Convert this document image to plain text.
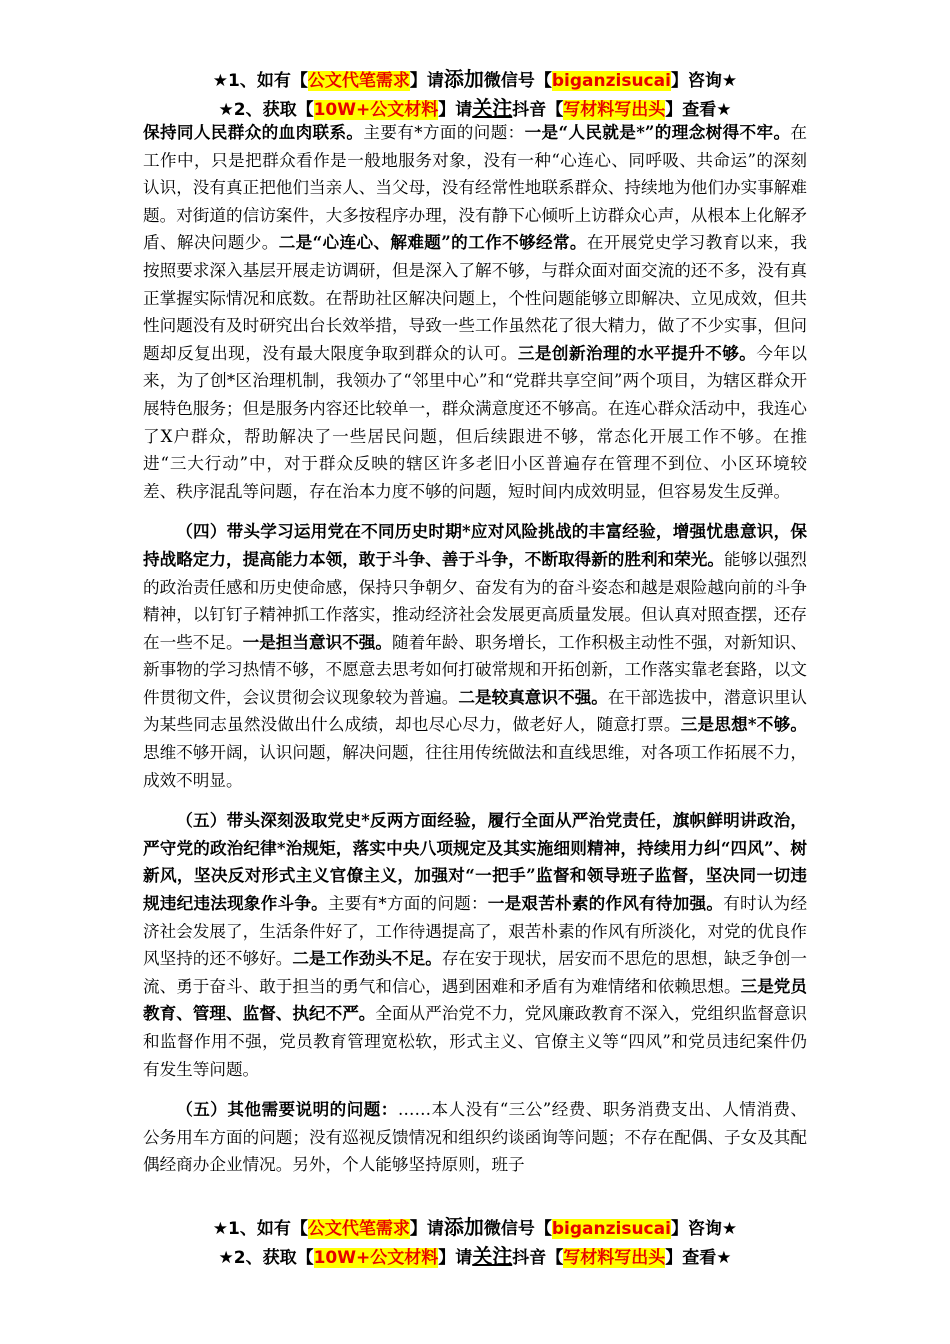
★1、如有【公文代笔需求】请添加微信号【biganzisucai】咨询★
★2、获取【10W+公文材料】请关注抖音【写材料写出头】查看★

保持同人民群众的血肉联系。主要有*方面的问题：一是“人民就是*”的理念树得不牢。在工作中，只是把群众看作是一般地服务对象，没有一种“心连心、同呼吸、共命运”的深刻认识，没有真正把他们当亲人、当父母，没有经常性地联系群众、持续地为他们办实事解难题。对街道的信访案件，大多按程序办理，没有静下心倾听上访群众心声，从根本上化解矛盾、解决问题少。二是“心连心、解难题”的工作不够经常。在开展党史学习教育以来，我按照要求深入基层开展走访调研，但是深入了解不够，与群众面对面交流的还不多，没有真正掌握实际情况和底数。在帮助社区解决问题上，个性问题能够立即解决、立见成效，但共性问题没有及时研究出台长效举措，导致一些工作虽然花了很大精力，做了不少实事，但问题却反复出现，没有最大限度争取到群众的认可。三是创新治理的水平提升不够。今年以来，为了创*区治理机制，我领办了“邻里中心”和“党群共享空间”两个项目，为辖区群众开展特色服务；但是服务内容还比较单一，群众满意度还不够高。在连心群众活动中，我连心了X户群众，帮助解决了一些居民问题，但后续跟进不够，常态化开展工作不够。在推进“三大行动”中，对于群众反映的辖区许多老旧小区普遍存在管理不到位、小区环境较差、秩序混乱等问题，存在治本力度不够的问题，短时间内成效明显，但容易发生反弹。

（四）带头学习运用党在不同历史时期*应对风险挑战的丰富经验，增强忧患意识，保持战略定力，提高能力本领，敢于斗争、善于斗争，不断取得新的胜利和荣光。能够以强烈的政治责任感和历史使命感，保持只争朝夕、奋发有为的奋斗姿态和越是艰险越向前的斗争精神，以钉钉子精神抓工作落实，推动经济社会发展更高质量发展。但认真对照查摆，还存在一些不足。一是担当意识不强。随着年龄、职务增长，工作积极主动性不强，对新知识、新事物的学习热情不够，不愿意去思考如何打破常规和开拓创新，工作落实靠老套路，以文件贯彻文件，会议贯彻会议现象较为普遍。二是较真意识不强。在干部选拔中，潜意识里认为某些同志虽然没做出什么成绩，却也尽心尽力，做老好人，随意打票。三是思想*不够。思维不够开阔，认识问题，解决问题，往往用传统做法和直线思维，对各项工作拓展不力，成效不明显。

（五）带头深刻汲取党史*反两方面经验，履行全面从严治党责任，旗帜鲜明讲政治，严守党的政治纪律*治规矩，落实中央八项规定及其实施细则精神，持续用力纠“四风”、树新风，坚决反对形式主义官僚主义，加强对“一把手”监督和领导班子监督，坚决同一切违规违纪违法现象作斗争。主要有*方面的问题：一是艰苦朴素的作风有待加强。有时认为经济社会发展了，生活条件好了，工作待遇提高了，艰苦朴素的作风有所淡化，对党的优良作风坚持的还不够好。二是工作劲头不足。存在安于现状，居安而不思危的思想，缺乏争创一流、勇于奋斗、敢于担当的勇气和信心，遇到困难和矛盾有为难情绪和依赖思想。三是党员教育、管理、监督、执纪不严。全面从严治党不力，党风廉政教育不深入，党组织监督意识和监督作用不强，党员教育管理宽松软，形式主义、官僚主义等“四风”和党员违纪案件仍有发生等问题。

（五）其他需要说明的问题：……本人没有“三公”经费、职务消费支出、人情消费、公务用车方面的问题；没有巡视反馈情况和组织约谈函询等问题；不存在配偶、子女及其配偶经商办企业情况。另外，个人能够坚持原则，班子

★1、如有【公文代笔需求】请添加微信号【biganzisucai】咨询★
★2、获取【10W+公文材料】请关注抖音【写材料写出头】查看★
